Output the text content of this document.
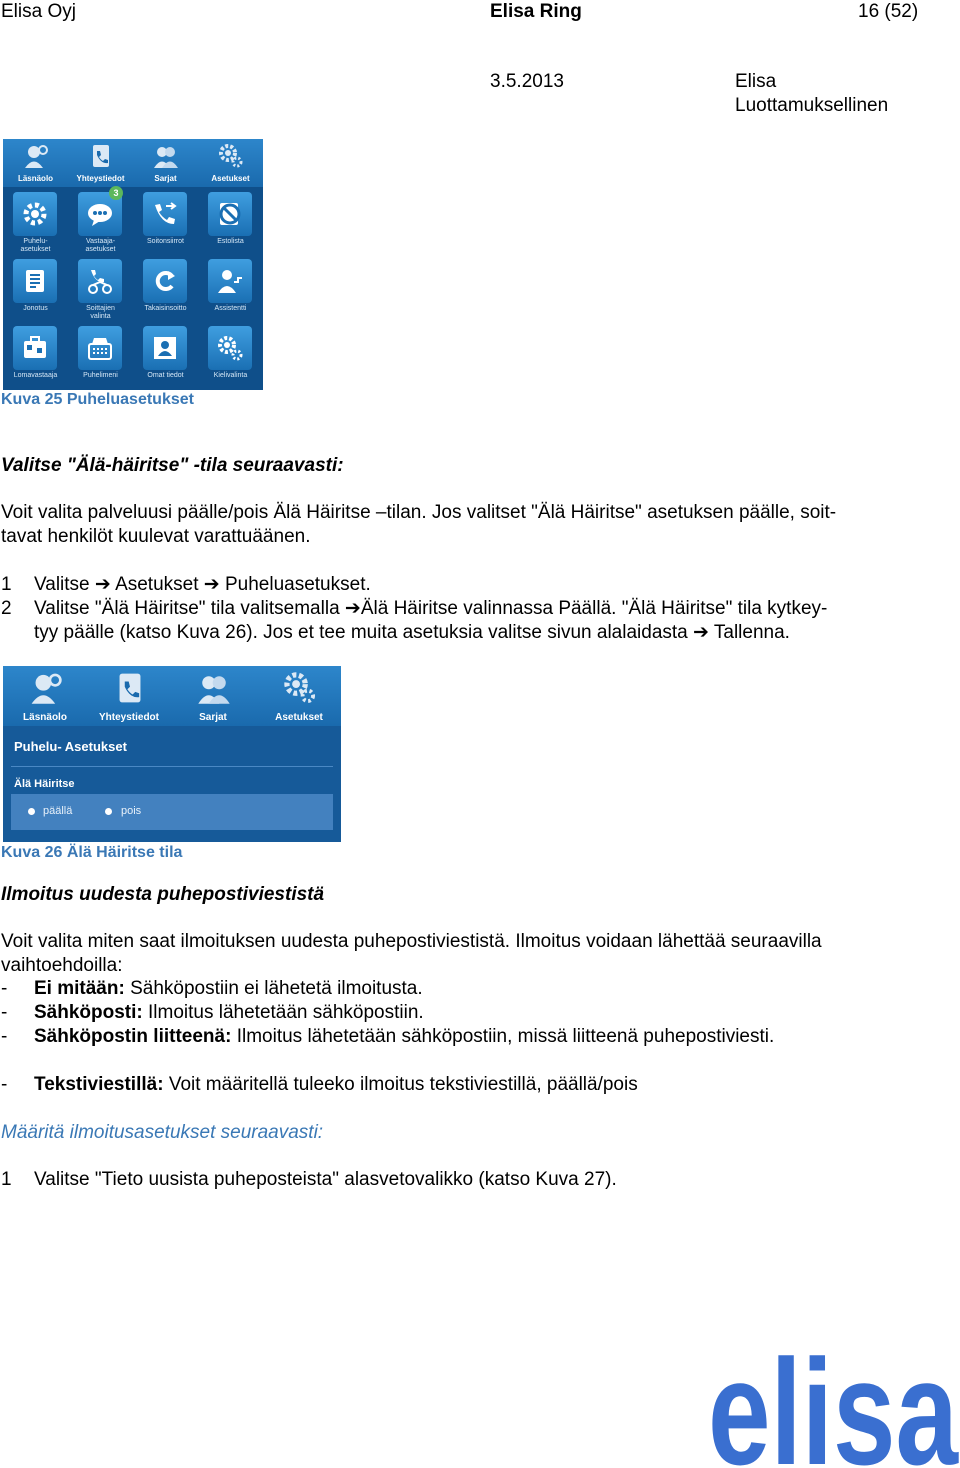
Elisa Oyj	Elisa Ring	16 (52)
3.5.2013	Elisa
Luottamuksellinen
Läsnäolo	Yhteystiedot	Sarjat	Asetukset
Puhelu-
asetukset
3
Vastaaja-
asetukset
Soitonsiirrot	Estolista
Jonotus	Soittajien
valinta
Takaisinsoitto	Assistentti
Lomavastaaja	Puhelimeni	Omat tiedot	Kielivalinta
Kuva 25 Puheluasetukset
Valitse "Älä-häiritse" -tila seuraavasti:
Voit valita palveluusi päälle/pois Älä Häiritse –tilan. Jos valitset "Älä Häiritse" asetuksen päälle, soit-
tavat henkilöt kuulevat varattuäänen.
1 Valitse ➔ Asetukset ➔ Puheluasetukset.
2 Valitse "Älä Häiritse" tila valitsemalla ➔Älä Häiritse valinnassa Päällä. "Älä Häiritse" tila kytkey-
tyy päälle (katso Kuva 26). Jos et tee muita asetuksia valitse sivun alalaidasta ➔ Tallenna.
Läsnäolo	Yhteystiedot	Sarjat	Asetukset
Puhelu- Asetukset
Älä Häiritse
päällä	pois
Kuva 26 Älä Häiritse tila
Ilmoitus uudesta puhepostiviestistä
Voit valita miten saat ilmoituksen uudesta puhepostiviestistä. Ilmoitus voidaan lähettää seuraavilla
vaihtoehdoilla:
- Ei mitään: Sähköpostiin ei lähetetä ilmoitusta.
- Sähköposti: Ilmoitus lähetetään sähköpostiin.
- Sähköpostin liitteenä: Ilmoitus lähetetään sähköpostiin, missä liitteenä puhepostiviesti.
- Tekstiviestillä: Voit määritellä tuleeko ilmoitus tekstiviestillä, päällä/pois
Määritä ilmoitusasetukset seuraavasti:
1 Valitse "Tieto uusista puheposteista" alasvetovalikko (katso Kuva 27).
elisa
